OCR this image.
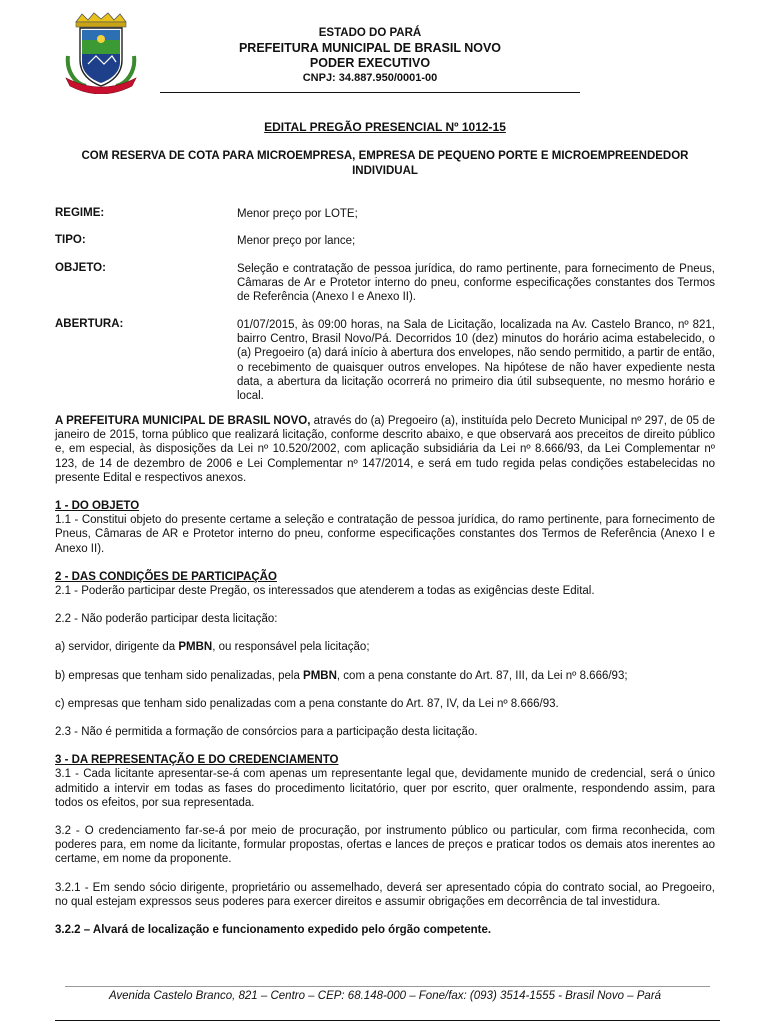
ESTADO DO PARÁ
PREFEITURA MUNICIPAL DE BRASIL NOVO
PODER EXECUTIVO
CNPJ: 34.887.950/0001-00
EDITAL PREGÃO PRESENCIAL Nº 1012-15
COM RESERVA DE COTA PARA MICROEMPRESA, EMPRESA DE PEQUENO PORTE E MICROEMPREENDEDOR INDIVIDUAL
REGIME:	Menor preço por LOTE;
TIPO:	Menor preço por lance;
OBJETO:	Seleção e contratação de pessoa jurídica, do ramo pertinente, para fornecimento de Pneus, Câmaras de Ar e Protetor interno do pneu, conforme especificações constantes dos Termos de Referência (Anexo I e Anexo II).
ABERTURA:	01/07/2015, às 09:00 horas, na Sala de Licitação, localizada na Av. Castelo Branco, nº 821, bairro Centro, Brasil Novo/Pá. Decorridos 10 (dez) minutos do horário acima estabelecido, o (a) Pregoeiro (a) dará início à abertura dos envelopes, não sendo permitido, a partir de então, o recebimento de quaisquer outros envelopes. Na hipótese de não haver expediente nesta data, a abertura da licitação ocorrerá no primeiro dia útil subsequente, no mesmo horário e local.

A PREFEITURA MUNICIPAL DE BRASIL NOVO, através do (a) Pregoeiro (a), instituída pelo Decreto Municipal nº 297, de 05 de janeiro de 2015, torna público que realizará licitação, conforme descrito abaixo, e que observará aos preceitos de direito público e, em especial, às disposições da Lei nº 10.520/2002, com aplicação subsidiária da Lei nº 8.666/93, da Lei Complementar nº 123, de 14 de dezembro de 2006 e Lei Complementar nº 147/2014, e será em tudo regida pelas condições estabelecidas no presente Edital e respectivos anexos.

1 - DO OBJETO

1.1 - Constitui objeto do presente certame a seleção e contratação de pessoa jurídica, do ramo pertinente, para fornecimento de Pneus, Câmaras de AR e Protetor interno do pneu, conforme especificações constantes dos Termos de Referência (Anexo I e Anexo II).

2 - DAS CONDIÇÕES DE PARTICIPAÇÃO

2.1 - Poderão participar deste Pregão, os interessados que atenderem a todas as exigências deste Edital.

2.2 - Não poderão participar desta licitação:

a) servidor, dirigente da PMBN, ou responsável pela licitação;

b) empresas que tenham sido penalizadas, pela PMBN, com a pena constante do Art. 87, III, da Lei nº 8.666/93;

c) empresas que tenham sido penalizadas com a pena constante do Art. 87, IV, da Lei nº 8.666/93.

2.3 - Não é permitida a formação de consórcios para a participação desta licitação.

3 - DA REPRESENTAÇÃO E DO CREDENCIAMENTO

3.1 - Cada licitante apresentar-se-á com apenas um representante legal que, devidamente munido de credencial, será o único admitido a intervir em todas as fases do procedimento licitatório, quer por escrito, quer oralmente, respondendo assim, para todos os efeitos, por sua representada.

3.2 - O credenciamento far-se-á por meio de procuração, por instrumento público ou particular, com firma reconhecida, com poderes para, em nome da licitante, formular propostas, ofertas e lances de preços e praticar todos os demais atos inerentes ao certame, em nome da proponente.

3.2.1 - Em sendo sócio dirigente, proprietário ou assemelhado, deverá ser apresentado cópia do contrato social, ao Pregoeiro, no qual estejam expressos seus poderes para exercer direitos e assumir obrigações em decorrência de tal investidura.

3.2.2 – Alvará de localização e funcionamento expedido pelo órgão competente.

Avenida Castelo Branco, 821 – Centro – CEP: 68.148-000 – Fone/fax: (093) 3514-1555 - Brasil Novo – Pará
